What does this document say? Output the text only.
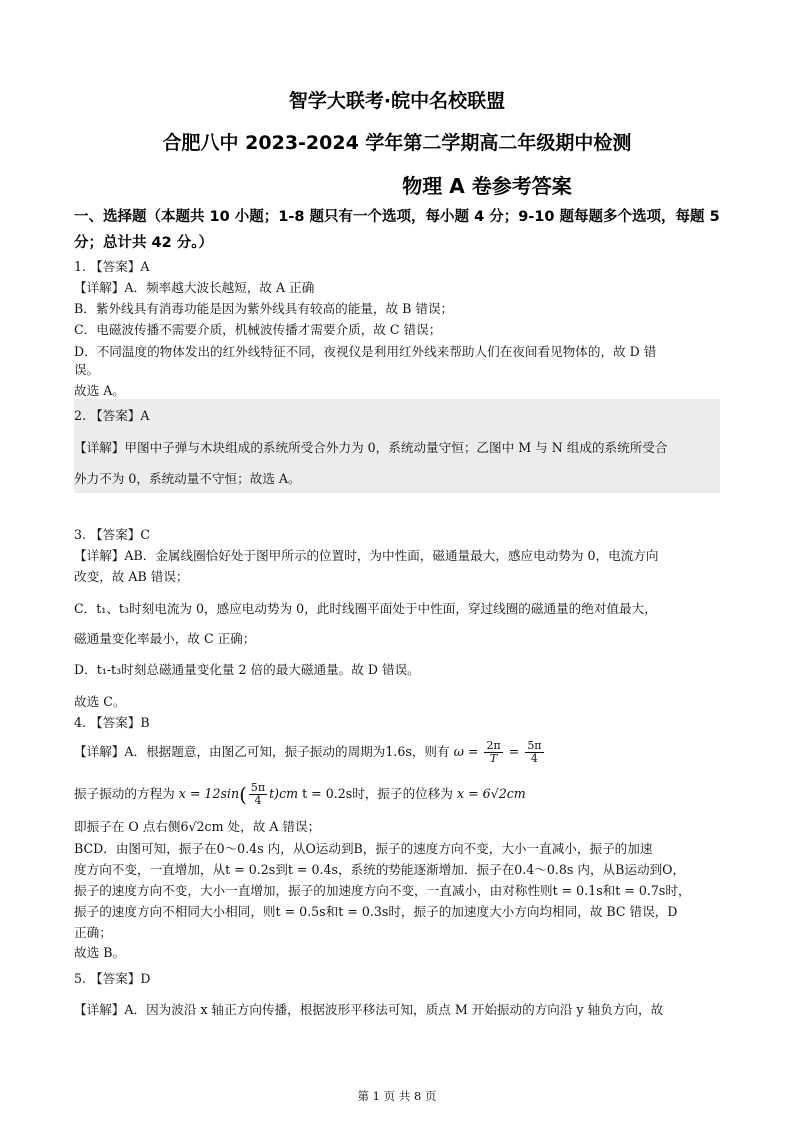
智学大联考·皖中名校联盟
合肥八中 2023-2024 学年第二学期高二年级期中检测
物理 A 卷参考答案
一、选择题（本题共 10 小题；1-8 题只有一个选项，每小题 4 分；9-10 题每题多个选项，每题 5 分；总计共 42 分。）
1. 【答案】A
【详解】A．频率越大波长越短，故 A 正确
B．紫外线具有消毒功能是因为紫外线具有较高的能量，故 B 错误；
C．电磁波传播不需要介质，机械波传播才需要介质，故 C 错误；
D．不同温度的物体发出的红外线特征不同，夜视仪是利用红外线来帮助人们在夜间看见物体的，故 D 错
误。
故选 A。
2. 【答案】A
【详解】甲图中子弹与木块组成的系统所受合外力为 0，系统动量守恒；乙图中 M 与 N 组成的系统所受合
外力不为 0，系统动量不守恒；故选 A。
3. 【答案】C
【详解】AB．金属线圈恰好处于图甲所示的位置时，为中性面，磁通量最大，感应电动势为 0，电流方向
改变，故 AB 错误；
C．t₁、t₃时刻电流为 0，感应电动势为 0，此时线圈平面处于中性面，穿过线圈的磁通量的绝对值最大，
磁通量变化率最小，故 C 正确；
D．t₁-t₃时刻总磁通量变化量 2 倍的最大磁通量。故 D 错误。
故选 C。
4. 【答案】B
【详解】A．根据题意，由图乙可知，振子振动的周期为1.6s，则有 $\omega = \frac{2\pi}{T} = \frac{5\pi}{4}$
振子振动的方程为 $x = 12\sin( \frac{5\pi}{4} t)cm$ t = 0.2s时，振子的位移为 x = 6√2cm
即振子在 O 点右侧6√2cm 处，故 A 错误；
BCD．由图可知，振子在0～0.4s 内，从O运动到B，振子的速度方向不变，大小一直减小，振子的加速
度方向不变，一直增加，从t = 0.2s到t = 0.4s，系统的势能逐渐增加．振子在0.4～0.8s 内，从B运动到O，
振子的速度方向不变，大小一直增加，振子的加速度方向不变，一直减小，由对称性则t = 0.1s和t = 0.7s时，
振子的速度方向不相同大小相同，则t = 0.5s和t = 0.3s时，振子的加速度大小方向均相同，故 BC 错误，D
正确；
故选 B。
5. 【答案】D
【详解】A．因为波沿 x 轴正方向传播，根据波形平移法可知，质点 M 开始振动的方向沿 y 轴负方向，故
第 1 页 共 8 页
